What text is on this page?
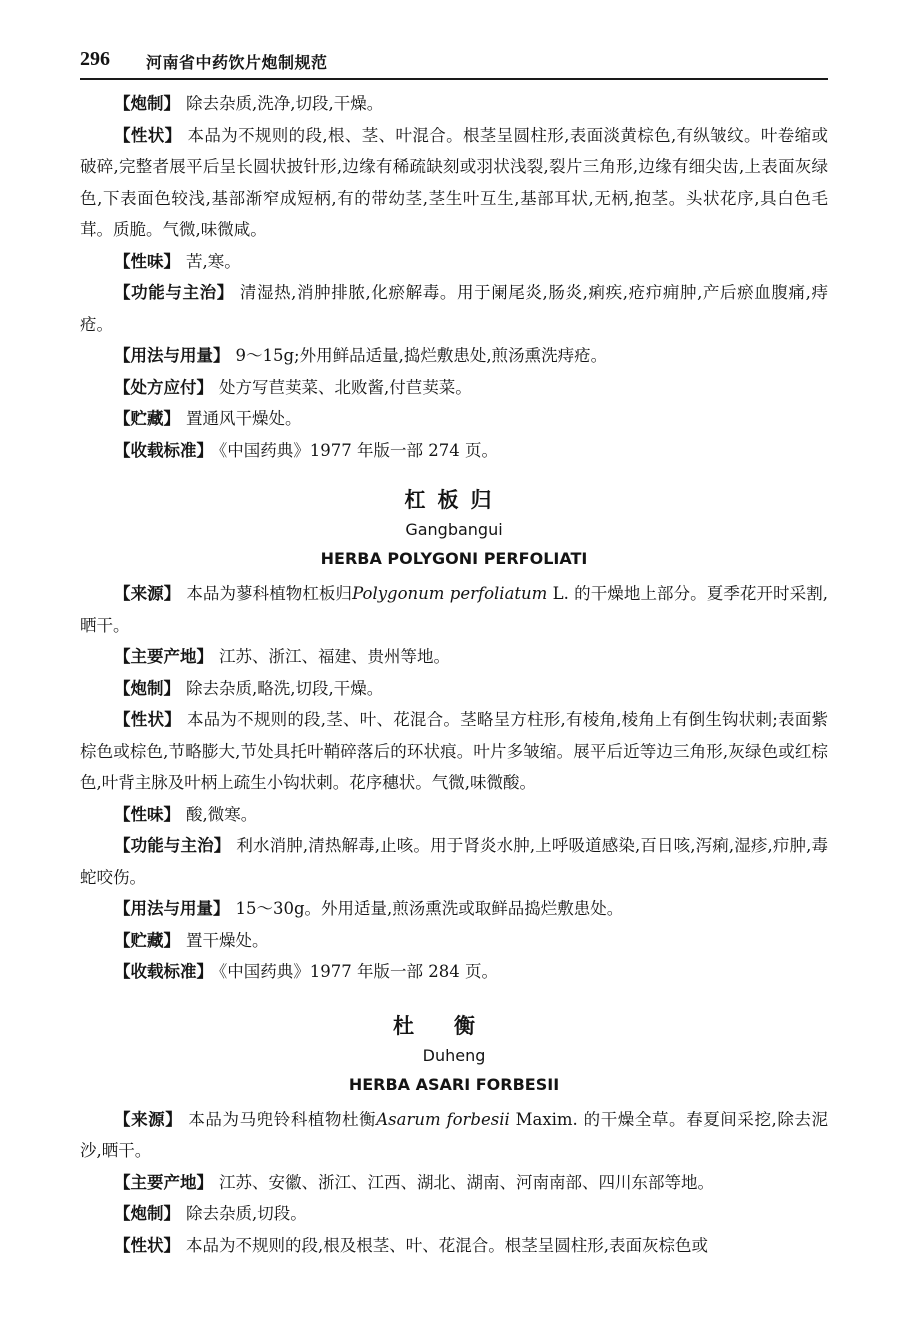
296 河南省中药饮片炮制规范

【炮制】 除去杂质,洗净,切段,干燥。

【性状】 本品为不规则的段,根、茎、叶混合。根茎呈圆柱形,表面淡黄棕色,有纵皱纹。叶卷缩或破碎,完整者展平后呈长圆状披针形,边缘有稀疏缺刻或羽状浅裂,裂片三角形,边缘有细尖齿,上表面灰绿色,下表面色较浅,基部渐窄成短柄,有的带幼茎,茎生叶互生,基部耳状,无柄,抱茎。头状花序,具白色毛茸。质脆。气微,味微咸。

【性味】 苦,寒。

【功能与主治】 清湿热,消肿排脓,化瘀解毒。用于阑尾炎,肠炎,痢疾,疮疖痈肿,产后瘀血腹痛,痔疮。

【用法与用量】 9～15g;外用鲜品适量,捣烂敷患处,煎汤熏洗痔疮。

【处方应付】 处方写苣荬菜、北败酱,付苣荬菜。

【贮藏】 置通风干燥处。

【收载标准】 《中国药典》1977 年版一部 274 页。

杠板归
Gangbangui
HERBA POLYGONI PERFOLIATI

【来源】 本品为蓼科植物杠板归Polygonum perfoliatum L. 的干燥地上部分。夏季花开时采割,晒干。

【主要产地】 江苏、浙江、福建、贵州等地。

【炮制】 除去杂质,略洗,切段,干燥。

【性状】 本品为不规则的段,茎、叶、花混合。茎略呈方柱形,有棱角,棱角上有倒生钩状刺;表面紫棕色或棕色,节略膨大,节处具托叶鞘碎落后的环状痕。叶片多皱缩。展平后近等边三角形,灰绿色或红棕色,叶背主脉及叶柄上疏生小钩状刺。花序穗状。气微,味微酸。

【性味】 酸,微寒。

【功能与主治】 利水消肿,清热解毒,止咳。用于肾炎水肿,上呼吸道感染,百日咳,泻痢,湿疹,疖肿,毒蛇咬伤。

【用法与用量】 15～30g。外用适量,煎汤熏洗或取鲜品捣烂敷患处。

【贮藏】 置干燥处。

【收载标准】 《中国药典》1977 年版一部 284 页。

杜衡
Duheng
HERBA ASARI FORBESII

【来源】 本品为马兜铃科植物杜衡Asarum forbesii Maxim. 的干燥全草。春夏间采挖,除去泥沙,晒干。

【主要产地】 江苏、安徽、浙江、江西、湖北、湖南、河南南部、四川东部等地。

【炮制】 除去杂质,切段。

【性状】 本品为不规则的段,根及根茎、叶、花混合。根茎呈圆柱形,表面灰棕色或
